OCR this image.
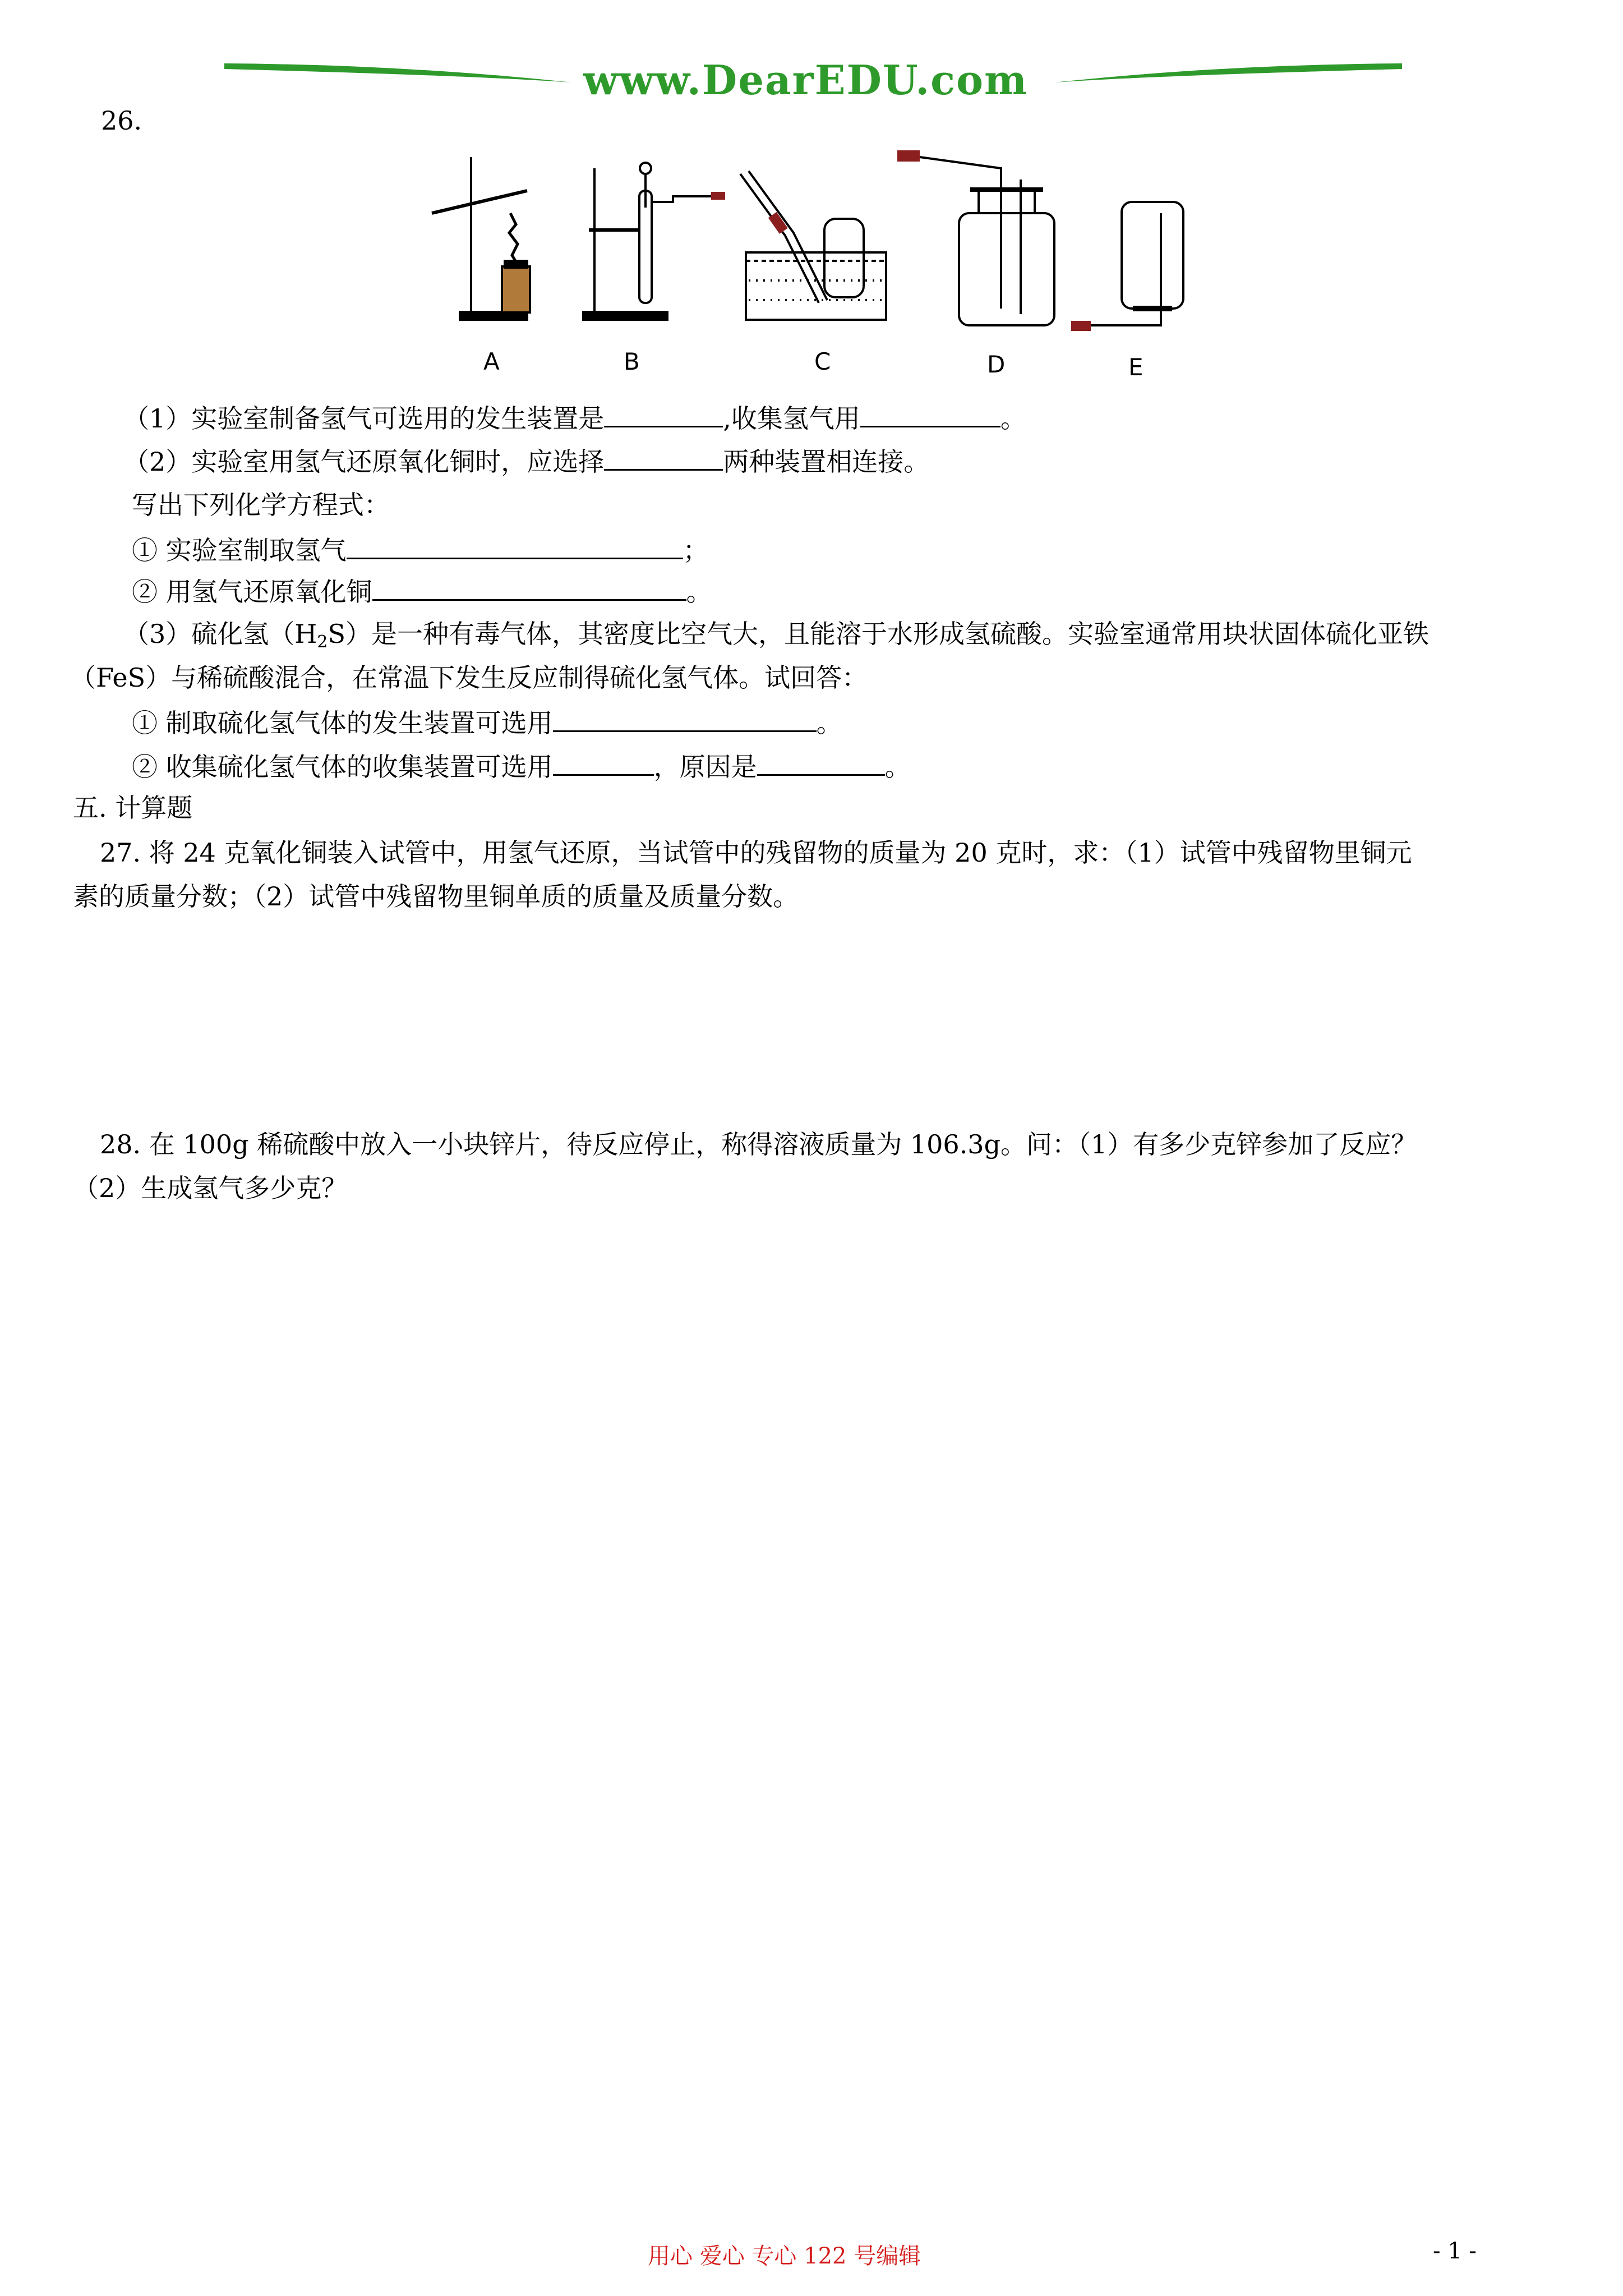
www.DearEDU.com
26.
A	B	C	D	E
（1）实验室制备氢气可选用的发生装置是	,收集氢气用	。
（2）实验室用氢气还原氧化铜时，应选择	两种装置相连接。
写出下列化学方程式：
① 实验室制取氢气	；
② 用氢气还原氧化铜	。
（3）硫化氢$(H_2S)$是一种有毒气体，其密度比空气大，且能溶于水形成氢硫酸。实验室通常用块状固体硫化亚铁
（FeS）与稀硫酸混合，在常温下发生反应制得硫化氢气体。试回答：
① 制取硫化氢气体的发生装置可选用	。
② 收集硫化氢气体的收集装置可选用	，原因是	。
五. 计算题
27. 将 24 克氧化铜装入试管中，用氢气还原，当试管中的残留物的质量为 20 克时，求：（1）试管中残留物里铜元
素的质量分数；（2）试管中残留物里铜单质的质量及质量分数。
28. 在 100g 稀硫酸中放入一小块锌片，待反应停止，称得溶液质量为 106.3g。问：（1）有多少克锌参加了反应？
（2）生成氢气多少克？
用心 爱心 专心 122 号编辑	- 1 -
